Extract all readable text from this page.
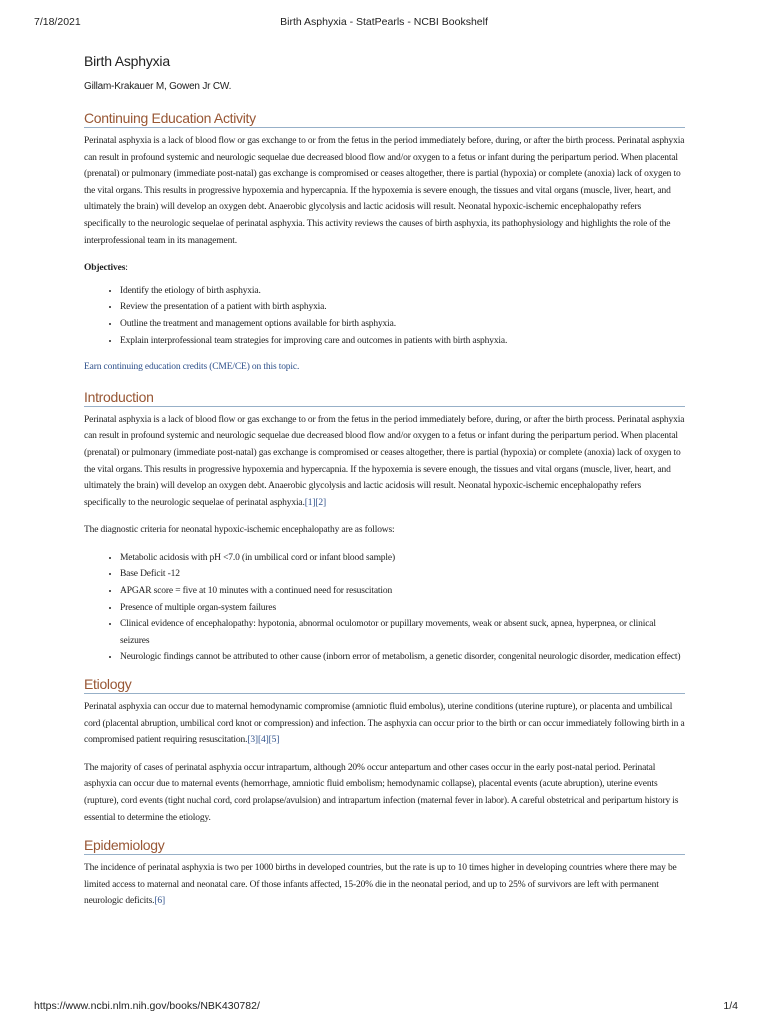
7/18/2021	Birth Asphyxia - StatPearls - NCBI Bookshelf
Birth Asphyxia
Gillam-Krakauer M, Gowen Jr CW.
Continuing Education Activity

Perinatal asphyxia is a lack of blood flow or gas exchange to or from the fetus in the period immediately before, during, or after the birth process. Perinatal asphyxia can result in profound systemic and neurologic sequelae due decreased blood flow and/or oxygen to a fetus or infant during the peripartum period. When placental (prenatal) or pulmonary (immediate post-natal) gas exchange is compromised or ceases altogether, there is partial (hypoxia) or complete (anoxia) lack of oxygen to the vital organs. This results in progressive hypoxemia and hypercapnia. If the hypoxemia is severe enough, the tissues and vital organs (muscle, liver, heart, and ultimately the brain) will develop an oxygen debt. Anaerobic glycolysis and lactic acidosis will result. Neonatal hypoxic-ischemic encephalopathy refers specifically to the neurologic sequelae of perinatal asphyxia. This activity reviews the causes of birth asphyxia, its pathophysiology and highlights the role of the interprofessional team in its management.

Objectives:

• Identify the etiology of birth asphyxia.
• Review the presentation of a patient with birth asphyxia.
• Outline the treatment and management options available for birth asphyxia.
• Explain interprofessional team strategies for improving care and outcomes in patients with birth asphyxia.

Earn continuing education credits (CME/CE) on this topic.

Introduction

Perinatal asphyxia is a lack of blood flow or gas exchange to or from the fetus in the period immediately before, during, or after the birth process. Perinatal asphyxia can result in profound systemic and neurologic sequelae due decreased blood flow and/or oxygen to a fetus or infant during the peripartum period. When placental (prenatal) or pulmonary (immediate post-natal) gas exchange is compromised or ceases altogether, there is partial (hypoxia) or complete (anoxia) lack of oxygen to the vital organs. This results in progressive hypoxemia and hypercapnia. If the hypoxemia is severe enough, the tissues and vital organs (muscle, liver, heart, and ultimately the brain) will develop an oxygen debt. Anaerobic glycolysis and lactic acidosis will result. Neonatal hypoxic-ischemic encephalopathy refers specifically to the neurologic sequelae of perinatal asphyxia.[1][2]

The diagnostic criteria for neonatal hypoxic-ischemic encephalopathy are as follows:

• Metabolic acidosis with pH <7.0 (in umbilical cord or infant blood sample)
• Base Deficit -12
• APGAR score = five at 10 minutes with a continued need for resuscitation
• Presence of multiple organ-system failures
• Clinical evidence of encephalopathy: hypotonia, abnormal oculomotor or pupillary movements, weak or absent suck, apnea, hyperpnea, or clinical seizures
• Neurologic findings cannot be attributed to other cause (inborn error of metabolism, a genetic disorder, congenital neurologic disorder, medication effect)
Etiology

Perinatal asphyxia can occur due to maternal hemodynamic compromise (amniotic fluid embolus), uterine conditions (uterine rupture), or placenta and umbilical cord (placental abruption, umbilical cord knot or compression) and infection. The asphyxia can occur prior to the birth or can occur immediately following birth in a compromised patient requiring resuscitation.[3][4][5]

The majority of cases of perinatal asphyxia occur intrapartum, although 20% occur antepartum and other cases occur in the early post-natal period. Perinatal asphyxia can occur due to maternal events (hemorrhage, amniotic fluid embolism; hemodynamic collapse), placental events (acute abruption), uterine events (rupture), cord events (tight nuchal cord, cord prolapse/avulsion) and intrapartum infection (maternal fever in labor). A careful obstetrical and peripartum history is essential to determine the etiology.

Epidemiology

The incidence of perinatal asphyxia is two per 1000 births in developed countries, but the rate is up to 10 times higher in developing countries where there may be limited access to maternal and neonatal care. Of those infants affected, 15-20% die in the neonatal period, and up to 25% of survivors are left with permanent neurologic deficits.[6]

https://www.ncbi.nlm.nih.gov/books/NBK430782/	1/4
